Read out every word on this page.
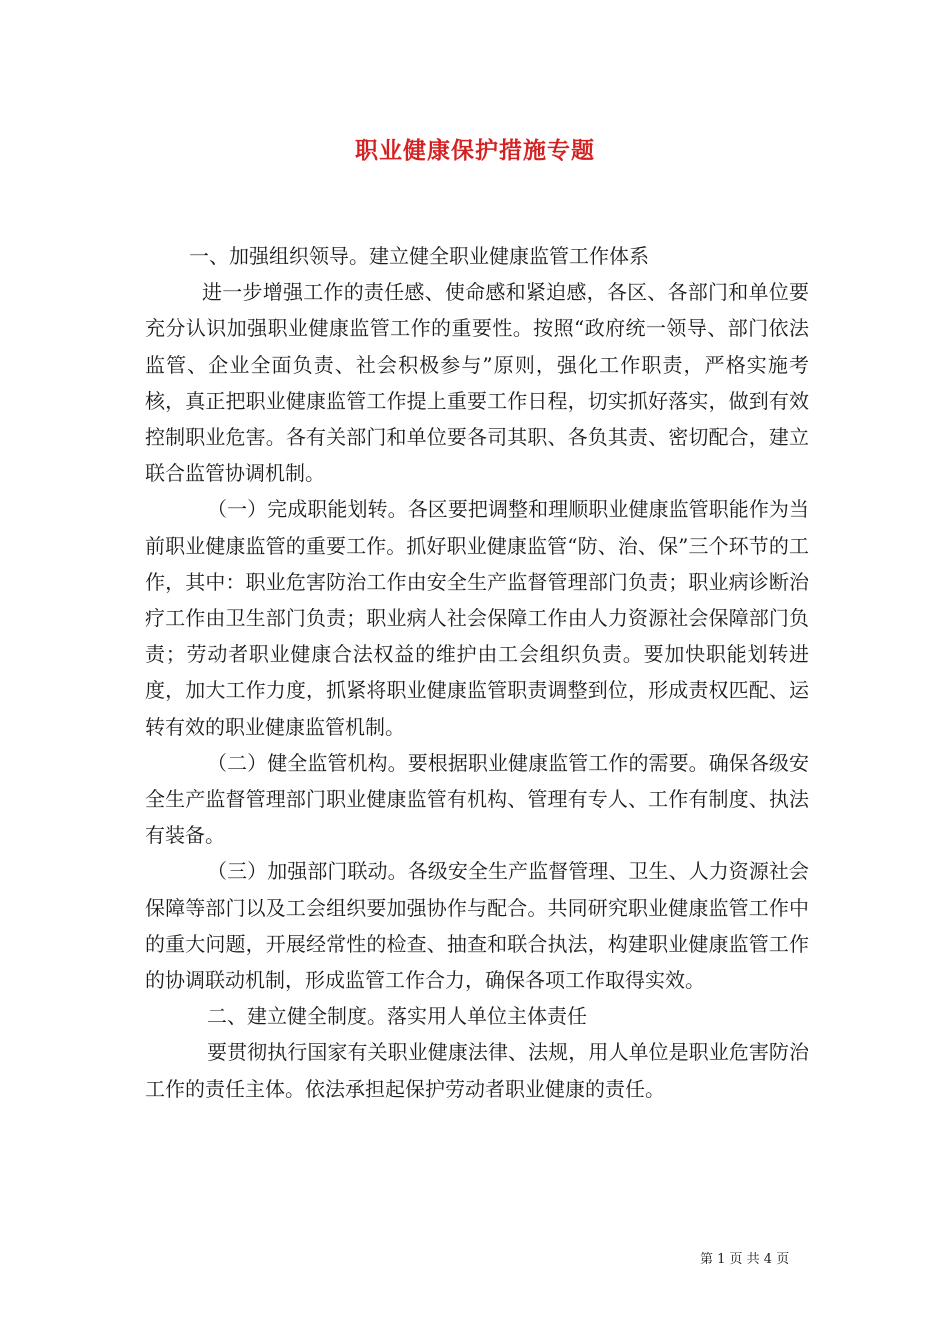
职业健康保护措施专题

一、加强组织领导。建立健全职业健康监管工作体系

进一步增强工作的责任感、使命感和紧迫感，各区、各部门和单位要充分认识加强职业健康监管工作的重要性。按照“政府统一领导、部门依法监管、企业全面负责、社会积极参与”原则，强化工作职责，严格实施考核，真正把职业健康监管工作提上重要工作日程，切实抓好落实，做到有效控制职业危害。各有关部门和单位要各司其职、各负其责、密切配合，建立联合监管协调机制。

（一）完成职能划转。各区要把调整和理顺职业健康监管职能作为当前职业健康监管的重要工作。抓好职业健康监管“防、治、保”三个环节的工作，其中：职业危害防治工作由安全生产监督管理部门负责；职业病诊断治疗工作由卫生部门负责；职业病人社会保障工作由人力资源社会保障部门负责；劳动者职业健康合法权益的维护由工会组织负责。要加快职能划转进度，加大工作力度，抓紧将职业健康监管职责调整到位，形成责权匹配、运转有效的职业健康监管机制。

（二）健全监管机构。要根据职业健康监管工作的需要。确保各级安全生产监督管理部门职业健康监管有机构、管理有专人、工作有制度、执法有装备。

（三）加强部门联动。各级安全生产监督管理、卫生、人力资源社会保障等部门以及工会组织要加强协作与配合。共同研究职业健康监管工作中的重大问题，开展经常性的检查、抽查和联合执法，构建职业健康监管工作的协调联动机制，形成监管工作合力，确保各项工作取得实效。

二、建立健全制度。落实用人单位主体责任

要贯彻执行国家有关职业健康法律、法规，用人单位是职业危害防治工作的责任主体。依法承担起保护劳动者职业健康的责任。

第 1 页 共 4 页
